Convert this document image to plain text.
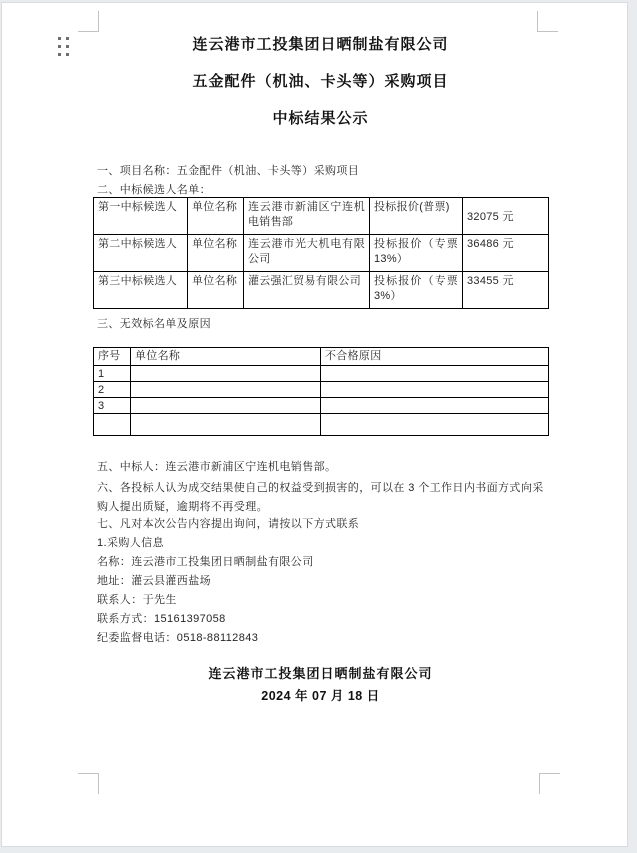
连云港市工投集团日晒制盐有限公司
五金配件（机油、卡头等）采购项目
中标结果公示
一、项目名称：五金配件（机油、卡头等）采购项目
二、中标候选人名单：
第一中标候选人	单位名称	连云港市新浦区宁连机电销售部	投标报价(普票)	32075 元
第二中标候选人	单位名称	连云港市光大机电有限公司	投标报价（专票 13%）	36486 元
第三中标候选人	单位名称	灌云强汇贸易有限公司	投标报价（专票 3%）	33455 元
三、无效标名单及原因
序号	单位名称	不合格原因
1		
2		
3		

五、中标人：连云港市新浦区宁连机电销售部。
六、各投标人认为成交结果使自己的权益受到损害的，可以在 3 个工作日内书面方式向采购人提出质疑，逾期将不再受理。
七、凡对本次公告内容提出询问，请按以下方式联系
1.采购人信息
名称：连云港市工投集团日晒制盐有限公司
地址：灌云县灌西盐场
联系人：于先生
联系方式：15161397058
纪委监督电话：0518-88112843
连云港市工投集团日晒制盐有限公司
2024 年 07 月 18 日
